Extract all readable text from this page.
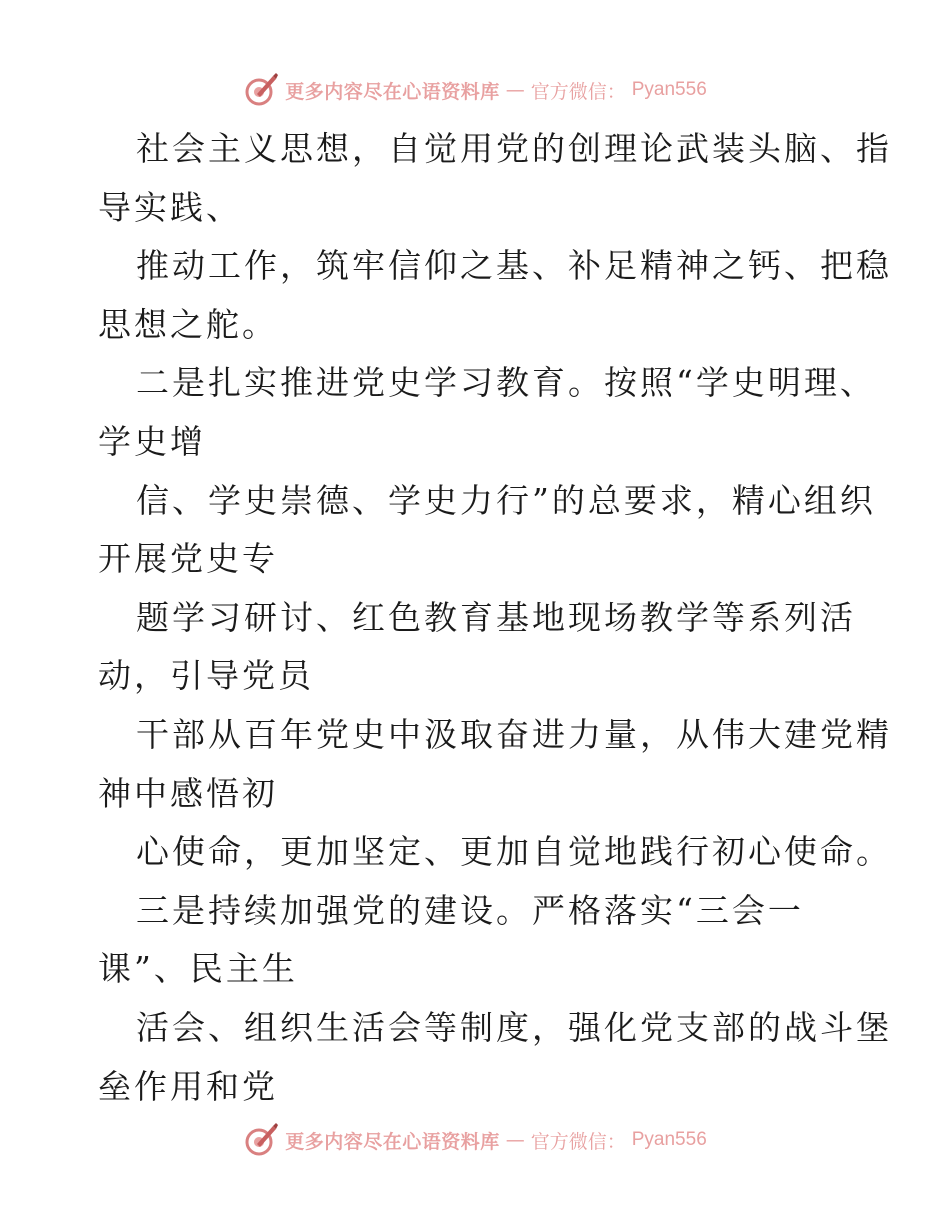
更多内容尽在心语资料库 — 官方微信： Pyan556
社会主义思想，自觉用党的创理论武装头脑、指
导实践、
推动工作，筑牢信仰之基、补足精神之钙、把稳
思想之舵。
二是扎实推进党史学习教育。按照“学史明理、
学史增
信、学史崇德、学史力行”的总要求，精心组织
开展党史专
题学习研讨、红色教育基地现场教学等系列活
动，引导党员
干部从百年党史中汲取奋进力量，从伟大建党精
神中感悟初
心使命，更加坚定、更加自觉地践行初心使命。
三是持续加强党的建设。严格落实“三会一
课”、民主生
活会、组织生活会等制度，强化党支部的战斗堡
垒作用和党
更多内容尽在心语资料库 — 官方微信： Pyan556
